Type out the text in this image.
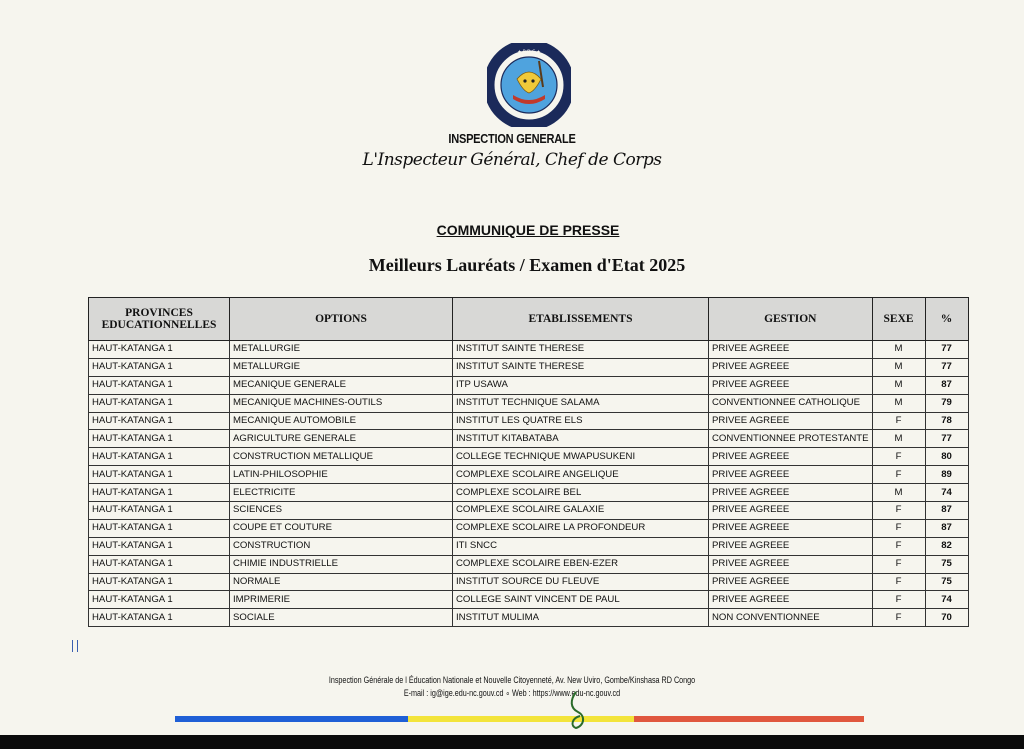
★ R.D.C ★
INSPECTION GENERALE
L'Inspecteur Général, Chef de Corps
COMMUNIQUE DE PRESSE
Meilleurs Lauréats / Examen d'Etat 2025
PROVINCES
EDUCATIONNELLES	OPTIONS	ETABLISSEMENTS	GESTION	SEXE	%
HAUT-KATANGA 1	METALLURGIE	INSTITUT SAINTE THERESE	PRIVEE AGREEE	M	77
HAUT-KATANGA 1	METALLURGIE	INSTITUT SAINTE THERESE	PRIVEE AGREEE	M	77
HAUT-KATANGA 1	MECANIQUE GENERALE	ITP USAWA	PRIVEE AGREEE	M	87
HAUT-KATANGA 1	MECANIQUE MACHINES-OUTILS	INSTITUT TECHNIQUE SALAMA	CONVENTIONNEE CATHOLIQUE	M	79
HAUT-KATANGA 1	MECANIQUE AUTOMOBILE	INSTITUT LES QUATRE ELS	PRIVEE AGREEE	F	78
HAUT-KATANGA 1	AGRICULTURE GENERALE	INSTITUT KITABATABA	CONVENTIONNEE PROTESTANTE	M	77
HAUT-KATANGA 1	CONSTRUCTION METALLIQUE	COLLEGE TECHNIQUE MWAPUSUKENI	PRIVEE AGREEE	F	80
HAUT-KATANGA 1	LATIN-PHILOSOPHIE	COMPLEXE SCOLAIRE ANGELIQUE	PRIVEE AGREEE	F	89
HAUT-KATANGA 1	ELECTRICITE	COMPLEXE SCOLAIRE BEL	PRIVEE AGREEE	M	74
HAUT-KATANGA 1	SCIENCES	COMPLEXE SCOLAIRE GALAXIE	PRIVEE AGREEE	F	87
HAUT-KATANGA 1	COUPE ET COUTURE	COMPLEXE SCOLAIRE LA PROFONDEUR	PRIVEE AGREEE	F	87
HAUT-KATANGA 1	CONSTRUCTION	ITI SNCC	PRIVEE AGREEE	F	82
HAUT-KATANGA 1	CHIMIE INDUSTRIELLE	COMPLEXE SCOLAIRE EBEN-EZER	PRIVEE AGREEE	F	75
HAUT-KATANGA 1	NORMALE	INSTITUT SOURCE DU FLEUVE	PRIVEE AGREEE	F	75
HAUT-KATANGA 1	IMPRIMERIE	COLLEGE SAINT VINCENT DE PAUL	PRIVEE AGREEE	F	74
HAUT-KATANGA 1	SOCIALE	INSTITUT MULIMA	NON CONVENTIONNEE	F	70
Inspection Générale de l Éducation Nationale et Nouvelle Citoyenneté, Av. New Uviro, Gombe/Kinshasa RD Congo
E-mail : ig@ige.edu-nc.gouv.cd ∘ Web : https://www.edu-nc.gouv.cd
